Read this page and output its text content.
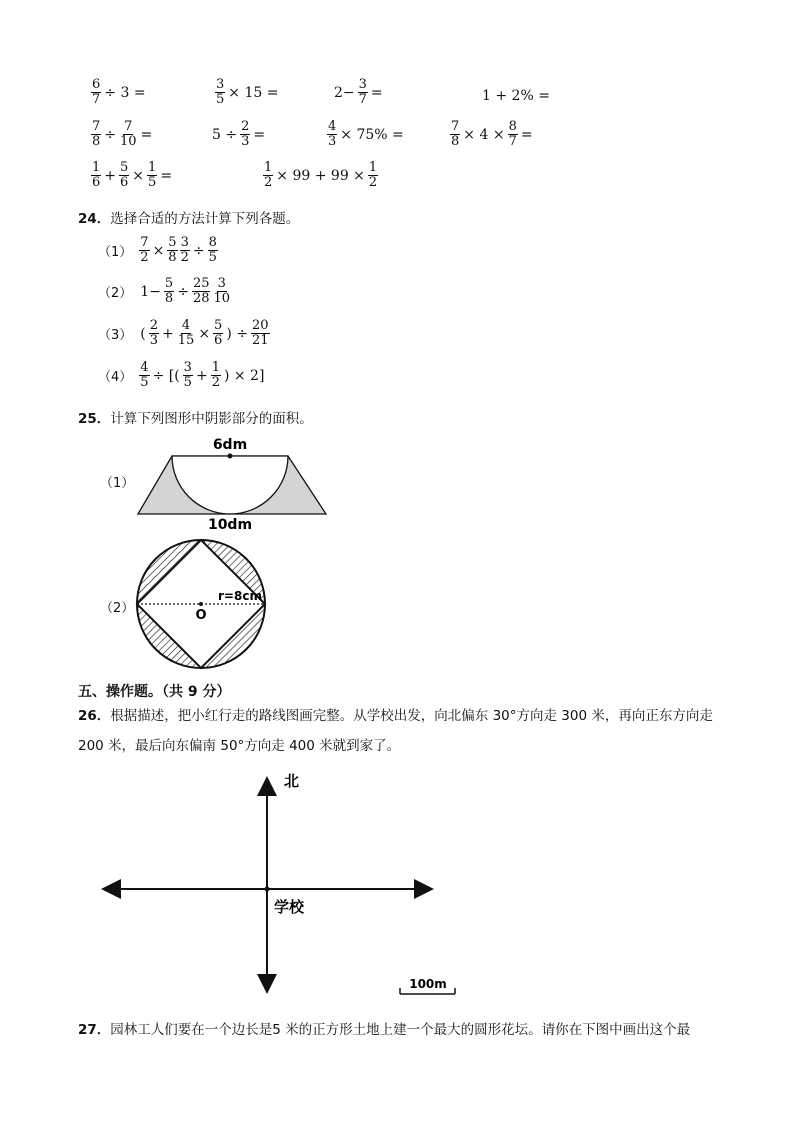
$\frac{6}{7} \div 3$ =	$\frac{3}{5} \times 15$ =	$2- \frac{3}{7}$ =	1 + 2% =
$\frac{7}{8} \div \frac{7}{10}$ =	$5 \div \frac{2}{3}$ =	$\frac{4}{3} \times 75\%$ =	$\frac{7}{8} \times 4 \times \frac{8}{7}$ =
$\frac{1}{6} + \frac{5}{6} \times \frac{1}{5}$ =	$\frac{1}{2} \times 99 + 99 \times \frac{1}{2}$
24．选择合适的方法计算下列各题。
$(1) \frac{7}{2} \times \frac{5}{8} \frac{3}{2} \div \frac{8}{5}$
（2） $1- \frac{5}{8} \div \frac{25}{28} \frac{3}{10}$
（3） ( $\frac{2}{3} + \frac{4}{15} \times \frac{5}{6}$ ) ÷ $\frac{20}{21}$
$(4) \frac{4}{5}$ ÷ [( $\frac{3}{5} + \frac{1}{2}$ ) × 2]
25．计算下列图形中阴影部分的面积。
（1）
6dm
10dm
（2）
r=8cm
O
五、操作题。（共 9 分）
26．根据描述，把小红行走的路线图画完整。从学校出发，向北偏东 30°方向走 300 米，再向正东方向走
200 米，最后向东偏南 50°方向走 400 米就到家了。
北
学校
100m
27．园林工人们要在一个边长是5 米的正方形土地上建一个最大的圆形花坛。请你在下图中画出这个最
